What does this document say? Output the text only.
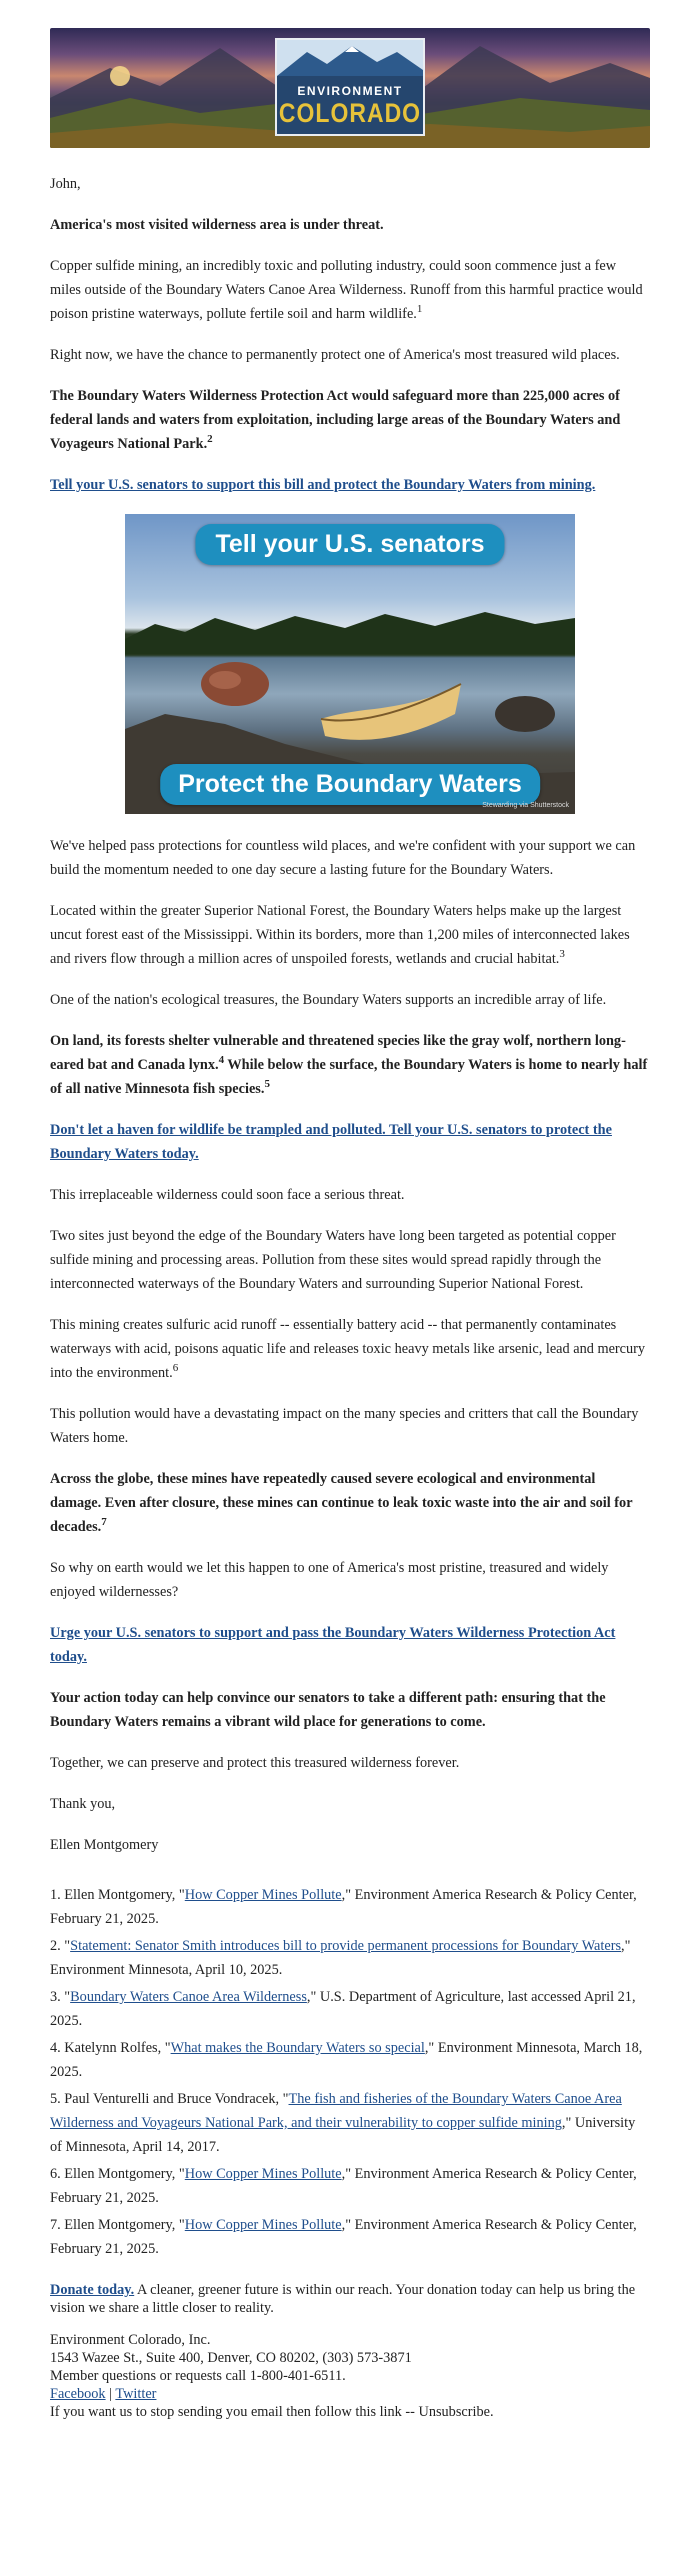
ENVIRONMENT
COLORADO

John,

America's most visited wilderness area is under threat.

Copper sulfide mining, an incredibly toxic and polluting industry, could soon commence just a few miles outside of the Boundary Waters Canoe Area Wilderness. Runoff from this harmful practice would poison pristine waterways, pollute fertile soil and harm wildlife.$^1$

Right now, we have the chance to permanently protect one of America's most treasured wild places.

The Boundary Waters Wilderness Protection Act would safeguard more than 225,000 acres of federal lands and waters from exploitation, including large areas of the Boundary Waters and Voyageurs National Park.$^2$

Tell your U.S. senators to support this bill and protect the Boundary Waters from mining.

Tell your U.S. senators
Protect the Boundary Waters
Stewarding via Shutterstock

We've helped pass protections for countless wild places, and we're confident with your support we can build the momentum needed to one day secure a lasting future for the Boundary Waters.

Located within the greater Superior National Forest, the Boundary Waters helps make up the largest uncut forest east of the Mississippi. Within its borders, more than 1,200 miles of interconnected lakes and rivers flow through a million acres of unspoiled forests, wetlands and crucial habitat.$^3$

One of the nation's ecological treasures, the Boundary Waters supports an incredible array of life.

On land, its forests shelter vulnerable and threatened species like the gray wolf, northern long-eared bat and Canada lynx.$^4$ While below the surface, the Boundary Waters is home to nearly half of all native Minnesota fish species.$^5$

Don't let a haven for wildlife be trampled and polluted. Tell your U.S. senators to protect the Boundary Waters today.

This irreplaceable wilderness could soon face a serious threat.

Two sites just beyond the edge of the Boundary Waters have long been targeted as potential copper sulfide mining and processing areas. Pollution from these sites would spread rapidly through the interconnected waterways of the Boundary Waters and surrounding Superior National Forest.

This mining creates sulfuric acid runoff -- essentially battery acid -- that permanently contaminates waterways with acid, poisons aquatic life and releases toxic heavy metals like arsenic, lead and mercury into the environment.$^6$

This pollution would have a devastating impact on the many species and critters that call the Boundary Waters home.

Across the globe, these mines have repeatedly caused severe ecological and environmental damage. Even after closure, these mines can continue to leak toxic waste into the air and soil for decades.$^7$

So why on earth would we let this happen to one of America's most pristine, treasured and widely enjoyed wildernesses?

Urge your U.S. senators to support and pass the Boundary Waters Wilderness Protection Act today.

Your action today can help convince our senators to take a different path: ensuring that the Boundary Waters remains a vibrant wild place for generations to come.

Together, we can preserve and protect this treasured wilderness forever.

Thank you,

Ellen Montgomery

1. Ellen Montgomery, "How Copper Mines Pollute," Environment America Research & Policy Center, February 21, 2025.

2. "Statement: Senator Smith introduces bill to provide permanent processions for Boundary Waters," Environment Minnesota, April 10, 2025.

3. "Boundary Waters Canoe Area Wilderness," U.S. Department of Agriculture, last accessed April 21, 2025.

4. Katelynn Rolfes, "What makes the Boundary Waters so special," Environment Minnesota, March 18, 2025.

5. Paul Venturelli and Bruce Vondracek, "The fish and fisheries of the Boundary Waters Canoe Area Wilderness and Voyageurs National Park, and their vulnerability to copper sulfide mining," University of Minnesota, April 14, 2017.

6. Ellen Montgomery, "How Copper Mines Pollute," Environment America Research & Policy Center, February 21, 2025.

7. Ellen Montgomery, "How Copper Mines Pollute," Environment America Research & Policy Center, February 21, 2025.

Donate today. A cleaner, greener future is within our reach. Your donation today can help us bring the vision we share a little closer to reality.

Environment Colorado, Inc.

1543 Wazee St., Suite 400, Denver, CO 80202, (303) 573-3871

Member questions or requests call 1-800-401-6511.

Facebook | Twitter

If you want us to stop sending you email then follow this link -- Unsubscribe.
